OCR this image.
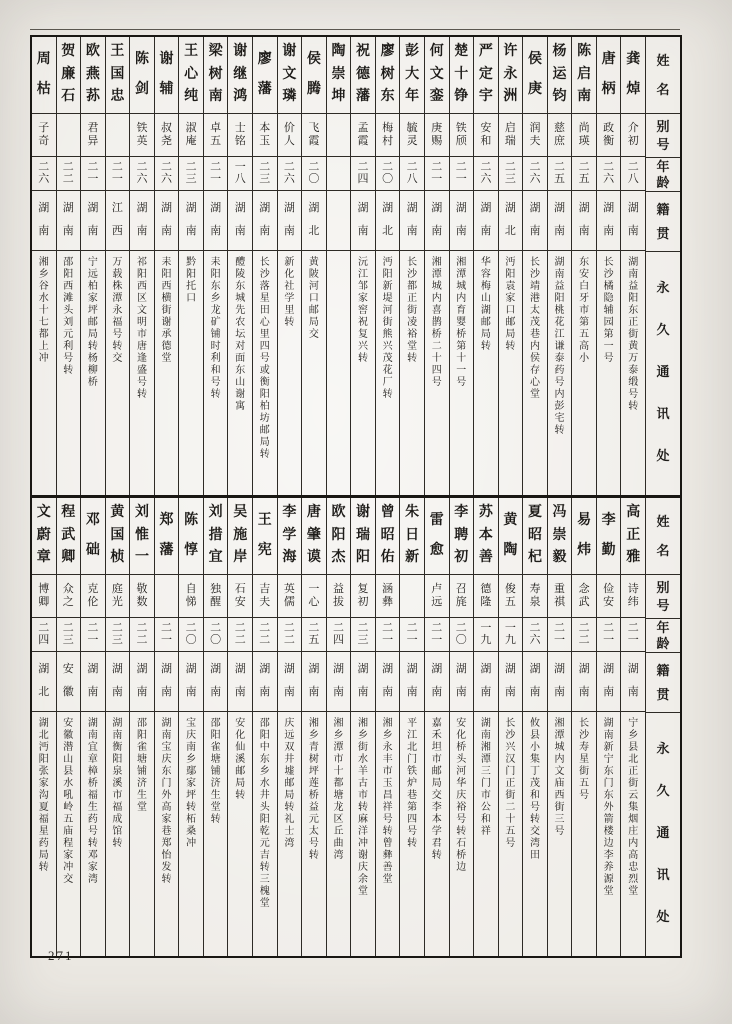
姓
名
别
号
年
龄
籍
贯
永
久
通
讯
处
龚
焯
介
初
二
八
湖
南
湖
南
益
阳
东
正
街
黄
万
泰
缎
号
转
唐
柄
政
衡
二
六
湖
南
长
沙
橘
隐
辅
园
第
一
号
陈
启
南
尚
瑛
二
五
湖
南
东
安
白
牙
市
第
五
高
小
杨
运
钧
慈
庶
二
五
湖
南
湖
南
益
阳
桃
花
江
谦
泰
药
号
内
彭
宅
转
侯
庚
润
夫
二
六
湖
南
长
沙
靖
港
太
茂
巷
内
侯
存
心
堂
许
永
洲
启
瑞
二
三
湖
北
沔
阳
袁
家
口
邮
局
转
严
定
宇
安
和
二
六
湖
南
华
容
梅
山
湖
邮
局
转
楚
十
铮
铁
颀
二
一
湖
南
湘
潭
城
内
育
婴
桥
第
十
一
号
何
文
銮
庚
赐
二
一
湖
南
湘
潭
城
内
喜
鹊
桥
二
十
四
号
彭
大
年
毓
灵
二
八
湖
南
长
沙
都
正
街
凌
裕
堂
转
廖
树
东
梅
村
二
〇
湖
北
沔
阳
新
堤
河
街
熊
兴
茂
花
厂
转
祝
德
藩
孟
霞
二
四
湖
南
沅
江
邹
家
窖
祝
复
兴
转
陶
崇
坤
侯
腾
飞
霞
二
〇
湖
北
黄
陂
河
口
邮
局
交
谢
文
璘
价
人
二
六
湖
南
新
化
社
学
里
转
廖
藩
本
玉
二
三
湖
南
长
沙
落
星
田
心
里
四
号
或
衡
阳
柏
坊
邮
局
转
谢
继
鸿
士
铭
一
八
湖
南
醴
陵
东
城
先
农
坛
对
面
东
山
谢
寓
梁
树
南
卓
五
二
一
湖
南
耒
阳
东
乡
龙
矿
铺
时
利
和
号
转
王
心
纯
淑
庵
二
三
湖
南
黔
阳
托
口
谢
辅
叔
尧
二
六
湖
南
耒
阳
西
横
街
谢
承
德
堂
陈
剑
铁
英
二
六
湖
南
祁
阳
西
区
文
明
市
唐
逢
盛
号
转
王
国
忠
二
一
江
西
万
载
株
潭
永
福
号
转
交
欧
燕
荪
君
异
二
一
湖
南
宁
远
柏
家
坪
邮
局
转
杨
柳
桥
贺
廉
石
二
二
湖
南
邵
阳
西
滩
头
刘
元
利
号
转
周
枯
子
奇
二
六
湖
南
湘
乡
谷
水
十
七
都
上
冲
姓
名
别
号
年
龄
籍
贯
永
久
通
讯
处
高
正
雅
诗
纬
二
一
湖
南
宁
乡
县
北
正
街
云
集
烟
庄
内
高
忠
烈
堂
李
勤
俭
安
二
一
湖
南
湖
南
新
宁
东
门
东
外
箭
楼
边
李
养
源
堂
易
炜
念
武
二
二
湖
南
长
沙
寿
星
街
五
号
冯
崇
毅
重
祺
二
一
湖
南
湘
潭
城
内
文
庙
西
街
三
号
夏
昭
杞
寿
泉
二
六
湖
南
攸
县
小
集
丁
茂
和
号
转
交
湾
田
黄
陶
俊
五
一
九
湖
南
长
沙
兴
汉
门
正
街
二
十
五
号
苏
本
善
德
隆
一
九
湖
南
湖
南
湘
潭
三
门
市
公
和
祥
李
聘
初
召
旄
二
〇
湖
南
安
化
桥
头
河
华
庆
裕
号
转
石
桥
边
雷
愈
卢
远
二
一
湖
南
嘉
禾
坦
市
邮
局
交
李
本
学
君
转
朱
日
新
二
一
湖
南
平
江
北
门
铁
炉
巷
第
四
号
转
曾
昭
佑
涵
彝
二
一
湖
南
湘
乡
永
丰
市
玉
昌
祥
号
转
曾
彝
善
堂
谢
瑞
阳
复
初
二
三
湖
南
湘
乡
街
水
羊
古
市
转
麻
洋
冲
谢
庆
余
堂
欧
阳
杰
益
拔
二
四
湖
南
湘
乡
潭
市
十
都
塘
龙
区
丘
曲
湾
唐
肇
谟
一
心
二
五
湖
南
湘
乡
青
树
坪
莲
桥
益
元
太
号
转
李
学
海
英
儒
二
二
湖
南
庆
远
双
井
墟
邮
局
转
礼
士
湾
王
宪
吉
夫
二
二
湖
南
邵
阳
中
东
乡
水
井
头
阳
乾
元
吉
转
三
槐
堂
吴
施
岸
石
安
二
二
湖
南
安
化
仙
溪
邮
局
转
刘
措
宜
独
醒
二
〇
湖
南
邵
阳
雀
塘
铺
济
生
堂
转
陈
惇
自
悌
二
〇
湖
南
宝
庆
南
乡
鄢
家
坪
转
柘
桑
冲
郑
藩
二
一
湖
南
湖
南
宝
庆
东
门
外
高
家
巷
郑
怡
发
转
刘
惟
一
敬
数
二
二
湖
南
邵
阳
雀
塘
铺
济
生
堂
黄
国
桢
庭
光
二
三
湖
南
湖
南
衡
阳
泉
溪
市
福
成
馆
转
邓
础
克
伦
二
一
湖
南
湖
南
宜
章
樟
桥
福
生
药
号
转
邓
家
湾
程
武
卿
众
之
二
三
安
徽
安
徽
潜
山
县
水
吼
岭
五
庙
程
家
冲
交
文
蔚
章
博
卿
二
四
湖
北
湖
北
沔
阳
张
家
沟
夏
福
星
药
局
转
271
